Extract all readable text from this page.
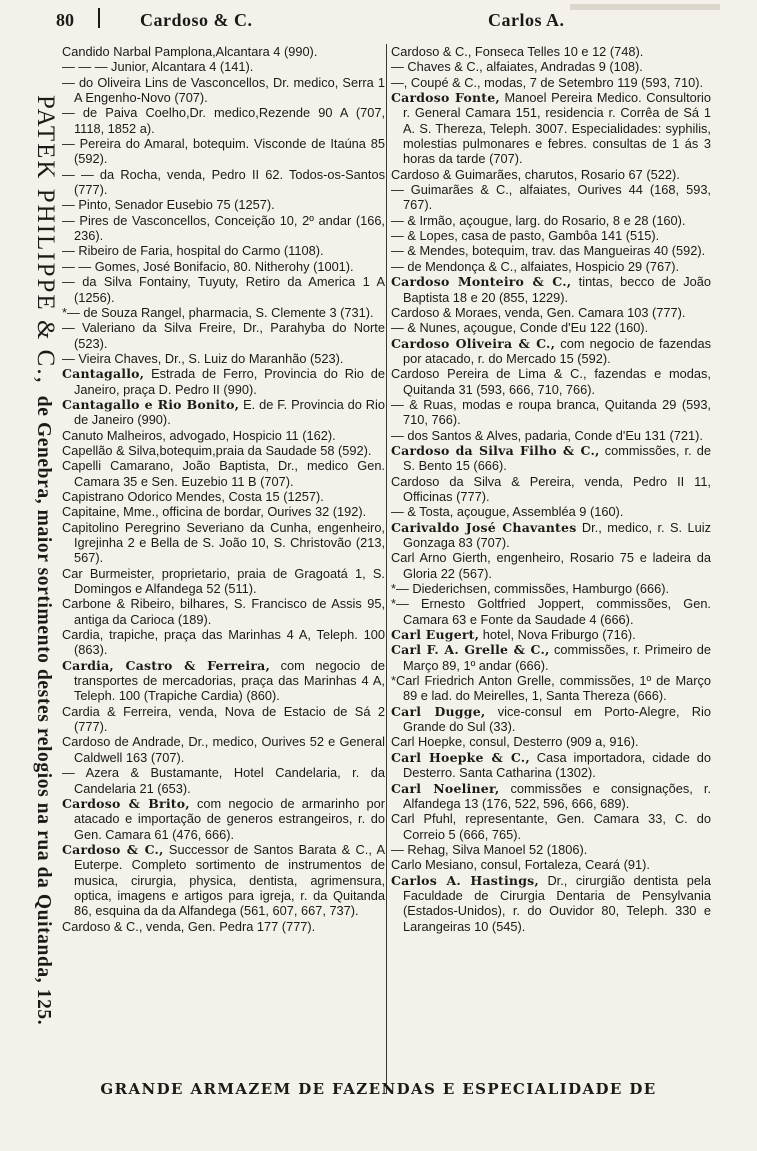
80	Cardoso & C.	Carlos A.
PATEK PHILIPPE & C.,  de Genebra, maior sortimento destes relogios na rua da Quitanda, 125.

Candido Narbal Pamplona,Alcantara 4 (990).

— — — Junior, Alcantara 4 (141).

— do Oliveira Lins de Vasconcellos, Dr. medico, Serra 1 A Engenho-Novo (707).

— de Paiva Coelho,Dr. medico,Rezende 90 A (707, 1118, 1852 a).

— Pereira do Amaral, botequim. Visconde de Itaúna 85 (592).

— — da Rocha, venda, Pedro II 62. Todos-os-Santos (777).

— Pinto, Senador Eusebio 75 (1257).

— Pires de Vasconcellos, Conceição 10, 2º andar (166, 236).

— Ribeiro de Faria, hospital do Carmo (1108).

— — Gomes, José Bonifacio, 80. Nitherohy (1001).

— da Silva Fontainy, Tuyuty, Retiro da America 1 A (1256).

*— de Souza Rangel, pharmacia, S. Clemente 3 (731).

— Valeriano da Silva Freire, Dr., Parahyba do Norte (523).

— Vieira Chaves, Dr., S. Luiz do Maranhão (523).

Cantagallo, Estrada de Ferro, Provincia do Rio de Janeiro, praça D. Pedro II (990).

Cantagallo e Rio Bonito, E. de F. Provincia do Rio de Janeiro (990).

Canuto Malheiros, advogado, Hospicio 11 (162).

Capellão & Silva,botequim,praia da Saudade 58 (592).

Capelli Camarano, João Baptista, Dr., medico Gen. Camara 35 e Sen. Euzebio 11 B (707).

Capistrano Odorico Mendes, Costa 15 (1257).

Capitaine, Mme., officina de bordar, Ourives 32 (192).

Capitolino Peregrino Severiano da Cunha, engenheiro, Igrejinha 2 e Bella de S. João 10, S. Christovão (213, 567).

Car Burmeister, proprietario, praia de Gragoatá 1, S. Domingos e Alfandega 52 (511).

Carbone & Ribeiro, bilhares, S. Francisco de Assis 95, antiga da Carioca (189).

Cardia, trapiche, praça das Marinhas 4 A, Teleph. 100 (863).

Cardia, Castro & Ferreira, com negocio de transportes de mercadorias, praça das Marinhas 4 A, Teleph. 100 (Trapiche Cardia) (860).

Cardia & Ferreira, venda, Nova de Estacio de Sá 2 (777).

Cardoso de Andrade, Dr., medico, Ourives 52 e General Caldwell 163 (707).

— Azera & Bustamante, Hotel Candelaria, r. da Candelaria 21 (653).

Cardoso & Brito, com negocio de armarinho por atacado e importação de generos estrangeiros, r. do Gen. Camara 61 (476, 666).

Cardoso & C., Successor de Santos Barata & C., A Euterpe. Completo sortimento de instrumentos de musica, cirurgia, physica, dentista, agrimensura, optica, imagens e artigos para igreja, r. da Quitanda 86, esquina da da Alfandega (561, 607, 667, 737).

Cardoso & C., venda, Gen. Pedra 177 (777).

Cardoso & C., Fonseca Telles 10 e 12 (748).

— Chaves & C., alfaiates, Andradas 9 (108).

—, Coupé & C., modas, 7 de Setembro 119 (593, 710).

Cardoso Fonte, Manoel Pereira Medico. Consultorio r. General Camara 151, residencia r. Corrêa de Sá 1 A. S. Thereza, Teleph. 3007. Especialidades: syphilis, molestias pulmonares e febres. consultas de 1 ás 3 horas da tarde (707).

Cardoso & Guimarães, charutos, Rosario 67 (522).

— Guimarães & C., alfaiates, Ourives 44 (168, 593, 767).

— & Irmão, açougue, larg. do Rosario, 8 e 28 (160).

— & Lopes, casa de pasto, Gambôa 141 (515).

— & Mendes, botequim, trav. das Mangueiras 40 (592).

— de Mendonça & C., alfaiates, Hospicio 29 (767).

Cardoso Monteiro & C., tintas, becco de João Baptista 18 e 20 (855, 1229).

Cardoso & Moraes, venda, Gen. Camara 103 (777).

— & Nunes, açougue, Conde d'Eu 122 (160).

Cardoso Oliveira & C., com negocio de fazendas por atacado, r. do Mercado 15 (592).

Cardoso Pereira de Lima & C., fazendas e modas, Quitanda 31 (593, 666, 710, 766).

— & Ruas, modas e roupa branca, Quitanda 29 (593, 710, 766).

— dos Santos & Alves, padaria, Conde d'Eu 131 (721).

Cardoso da Silva Filho & C., commissões, r. de S. Bento 15 (666).

Cardoso da Silva & Pereira, venda, Pedro II 11, Officinas (777).

— & Tosta, açougue, Assembléa 9 (160).

Carivaldo José Chavantes Dr., medico, r. S. Luiz Gonzaga 83 (707).

Carl Arno Gierth, engenheiro, Rosario 75 e ladeira da Gloria 22 (567).

*— Diederichsen, commissões, Hamburgo (666).

*— Ernesto Goltfried Joppert, commissões, Gen. Camara 63 e Fonte da Saudade 4 (666).

Carl Eugert, hotel, Nova Friburgo (716).

Carl F. A. Grelle & C., commissões, r. Primeiro de Março 89, 1º andar (666).

*Carl Friedrich Anton Grelle, commissões, 1º de Março 89 e lad. do Meirelles, 1, Santa Thereza (666).

Carl Dugge, vice-consul em Porto-Alegre, Rio Grande do Sul (33).

Carl Hoepke, consul, Desterro (909 a, 916).

Carl Hoepke & C., Casa importadora, cidade do Desterro. Santa Catharina (1302).

Carl Noeliner, commissões e consignações, r. Alfandega 13 (176, 522, 596, 666, 689).

Carl Pfuhl, representante, Gen. Camara 33, C. do Correio 5 (666, 765).

— Rehag, Silva Manoel 52 (1806).

Carlo Mesiano, consul, Fortaleza, Ceará (91).

Carlos A. Hastings, Dr., cirurgião dentista pela Faculdade de Cirurgia Dentaria de Pensylvania (Estados-Unidos), r. do Ouvidor 80, Teleph. 330 e Larangeiras 10 (545).

GRANDE ARMAZEM DE FAZENDAS E ESPECIALIDADE DE
